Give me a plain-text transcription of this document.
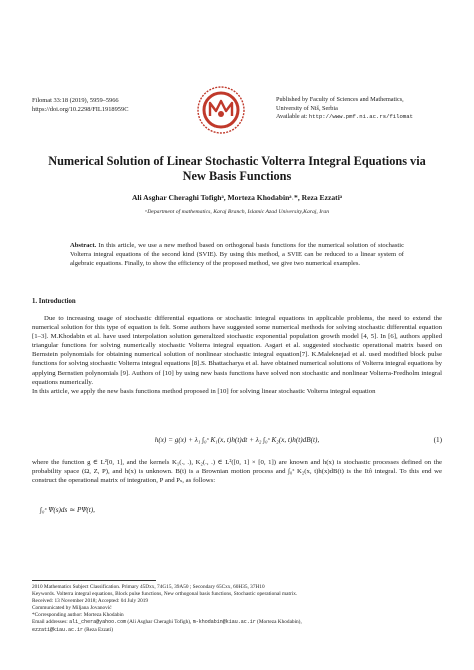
Filomat 33:18 (2019), 5959–5966
https://doi.org/10.2298/FIL1918959C
Published by Faculty of Sciences and Mathematics,
University of Niš, Serbia
Available at: http://www.pmf.ni.ac.rs/filomat
Numerical Solution of Linear Stochastic Volterra Integral Equations via
New Basis Functions
Ali Asghar Cheraghi Tofighᵃ, Morteza Khodabinᵃ˒*, Reza Ezzatiᵃ
ᵃDepartment of mathematics, Karaj Branch, Islamic Azad University,Karaj, Iran
Abstract. In this article, we use a new method based on orthogonal basis functions for the numerical solution of stochastic Volterra integral equations of the second kind (SVIE). By using this method, a SVIE can be reduced to a linear system of algebraic equations. Finally, to show the efficiency of the proposed method, we give two numerical examples.
1. Introduction

Due to increasing usage of stochastic differential equations or stochastic integral equations in applicable problems, the need to extend the numerical solution for this type of equation is felt. Some authors have suggested some numerical methods for solving stochastic differential equation [1–3]. M.Khodabin et al. have used interpolation solution generalized stochastic exponential population growth model [4, 5]. In [6], authors applied triangular functions for solving numerically stochastic Volterra integral equation. Asgari et al. suggested stochastic operational matrix based on Bernstein polynomials for obtaining numerical solution of nonlinear stochastic integral equation[7]. K.Maleknejad et al. used modified block pulse functions for solving stochastic Volterra integral equations [8].S. Bhattacharya et al. have obtained numerical solutions of Volterra integral equations by applying Bernstien polynomials [9]. Authors of [10] by using new basis functions have solved non stochastic and nonlinear Volterra-Fredholm integral equations numerically.

In this article, we apply the new basis functions method proposed in [10] for solving linear stochastic Volterra integral equation

h(x) = g(x) + λ₁ ∫₀ˣ K₁(x, t)h(t)dt + λ₂ ∫₀ˣ K₂(x, t)h(t)dB(t),	(1)

where the function g ∈ L²[0, 1], and the kernels K₁(., .), K₂(., .) ∈ L²([0, 1] × [0, 1]) are known and h(x) is stochastic processes defined on the probability space (Ω, Z, P), and h(x) is unknown. B(t) is a Brownian motion process and ∫₀ˣ K₂(x, t)h(x)dB(t) is the Itô integral. To this end we construct the operational matrix of integration, P and Pₛ, as follows:

∫₀ˣ Ψ(s)ds ≃ PΨ(t),
2010 Mathematics Subject Classification. Primary 45Dxx, 74G15, 39A50 ; Secondary 65Cxx, 60H35, 37H10
Keywords. Volterra integral equations, Block pulse functions, New orthogonal basis functions, Stochastic operational matrix.
Received: 13 November 2018; Accepted: 04 July 2019
Communicated by Miljana Jovanović
*Corresponding author: Morteza Khodabin
Email addresses: ali_chera@yahoo.com (Ali Asghar Cheraghi Tofigh), m-khodabin@kiau.ac.ir (Morteza Khodabin),
ezzati@kiau.ac.ir (Reza Ezzati)
